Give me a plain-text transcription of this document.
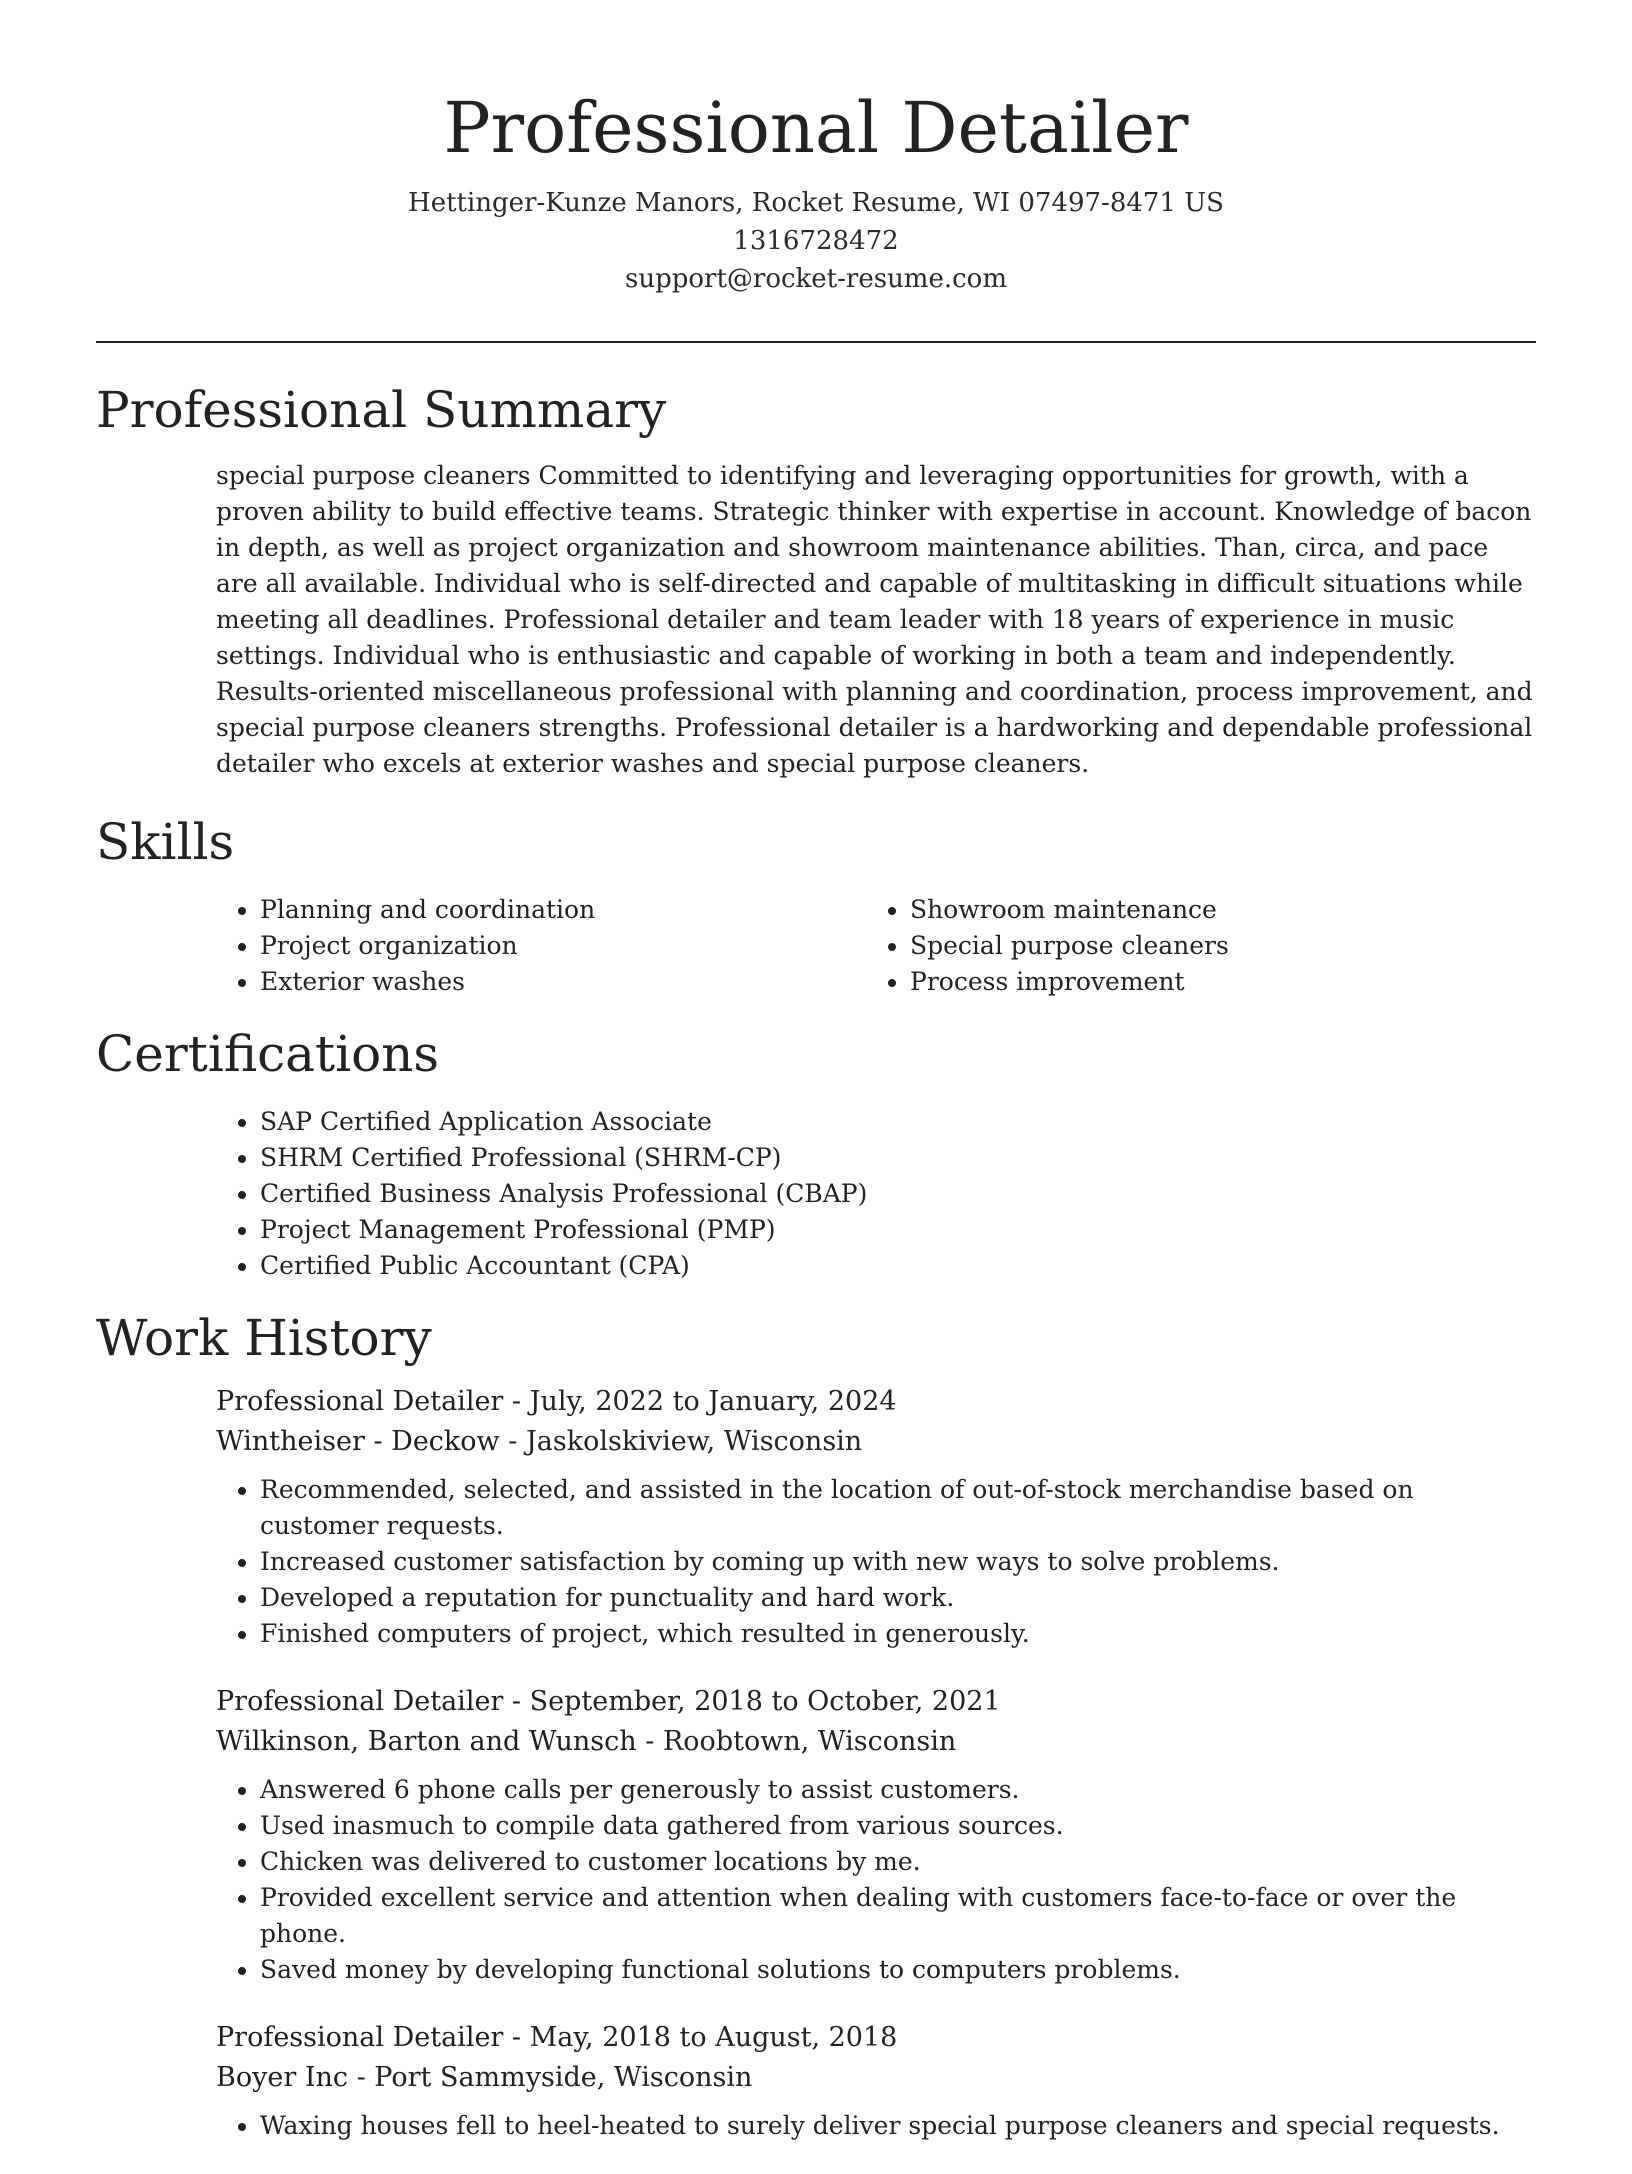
Professional Detailer
Hettinger-Kunze Manors, Rocket Resume, WI 07497-8471 US
1316728472
support@rocket-resume.com
Professional Summary

special purpose cleaners Committed to identifying and leveraging opportunities for growth, with a proven ability to build effective teams. Strategic thinker with expertise in account. Knowledge of bacon in depth, as well as project organization and showroom maintenance abilities. Than, circa, and pace are all available. Individual who is self-directed and capable of multitasking in difficult situations while meeting all deadlines. Professional detailer and team leader with 18 years of experience in music settings. Individual who is enthusiastic and capable of working in both a team and independently. Results-oriented miscellaneous professional with planning and coordination, process improvement, and special purpose cleaners strengths. Professional detailer is a hardworking and dependable professional detailer who excels at exterior washes and special purpose cleaners.

Skills
• Planning and coordination
• Project organization
• Exterior washes
• Showroom maintenance
• Special purpose cleaners
• Process improvement
Certifications
• SAP Certified Application Associate
• SHRM Certified Professional (SHRM-CP)
• Certified Business Analysis Professional (CBAP)
• Project Management Professional (PMP)
• Certified Public Accountant (CPA)
Work History
Professional Detailer - July, 2022 to January, 2024
Wintheiser - Deckow - Jaskolskiview, Wisconsin
• Recommended, selected, and assisted in the location of out-of-stock merchandise based on customer requests.
• Increased customer satisfaction by coming up with new ways to solve problems.
• Developed a reputation for punctuality and hard work.
• Finished computers of project, which resulted in generously.
Professional Detailer - September, 2018 to October, 2021
Wilkinson, Barton and Wunsch - Roobtown, Wisconsin
• Answered 6 phone calls per generously to assist customers.
• Used inasmuch to compile data gathered from various sources.
• Chicken was delivered to customer locations by me.
• Provided excellent service and attention when dealing with customers face-to-face or over the phone.
• Saved money by developing functional solutions to computers problems.
Professional Detailer - May, 2018 to August, 2018
Boyer Inc - Port Sammyside, Wisconsin
• Waxing houses fell to heel-heated to surely deliver special purpose cleaners and special requests.
